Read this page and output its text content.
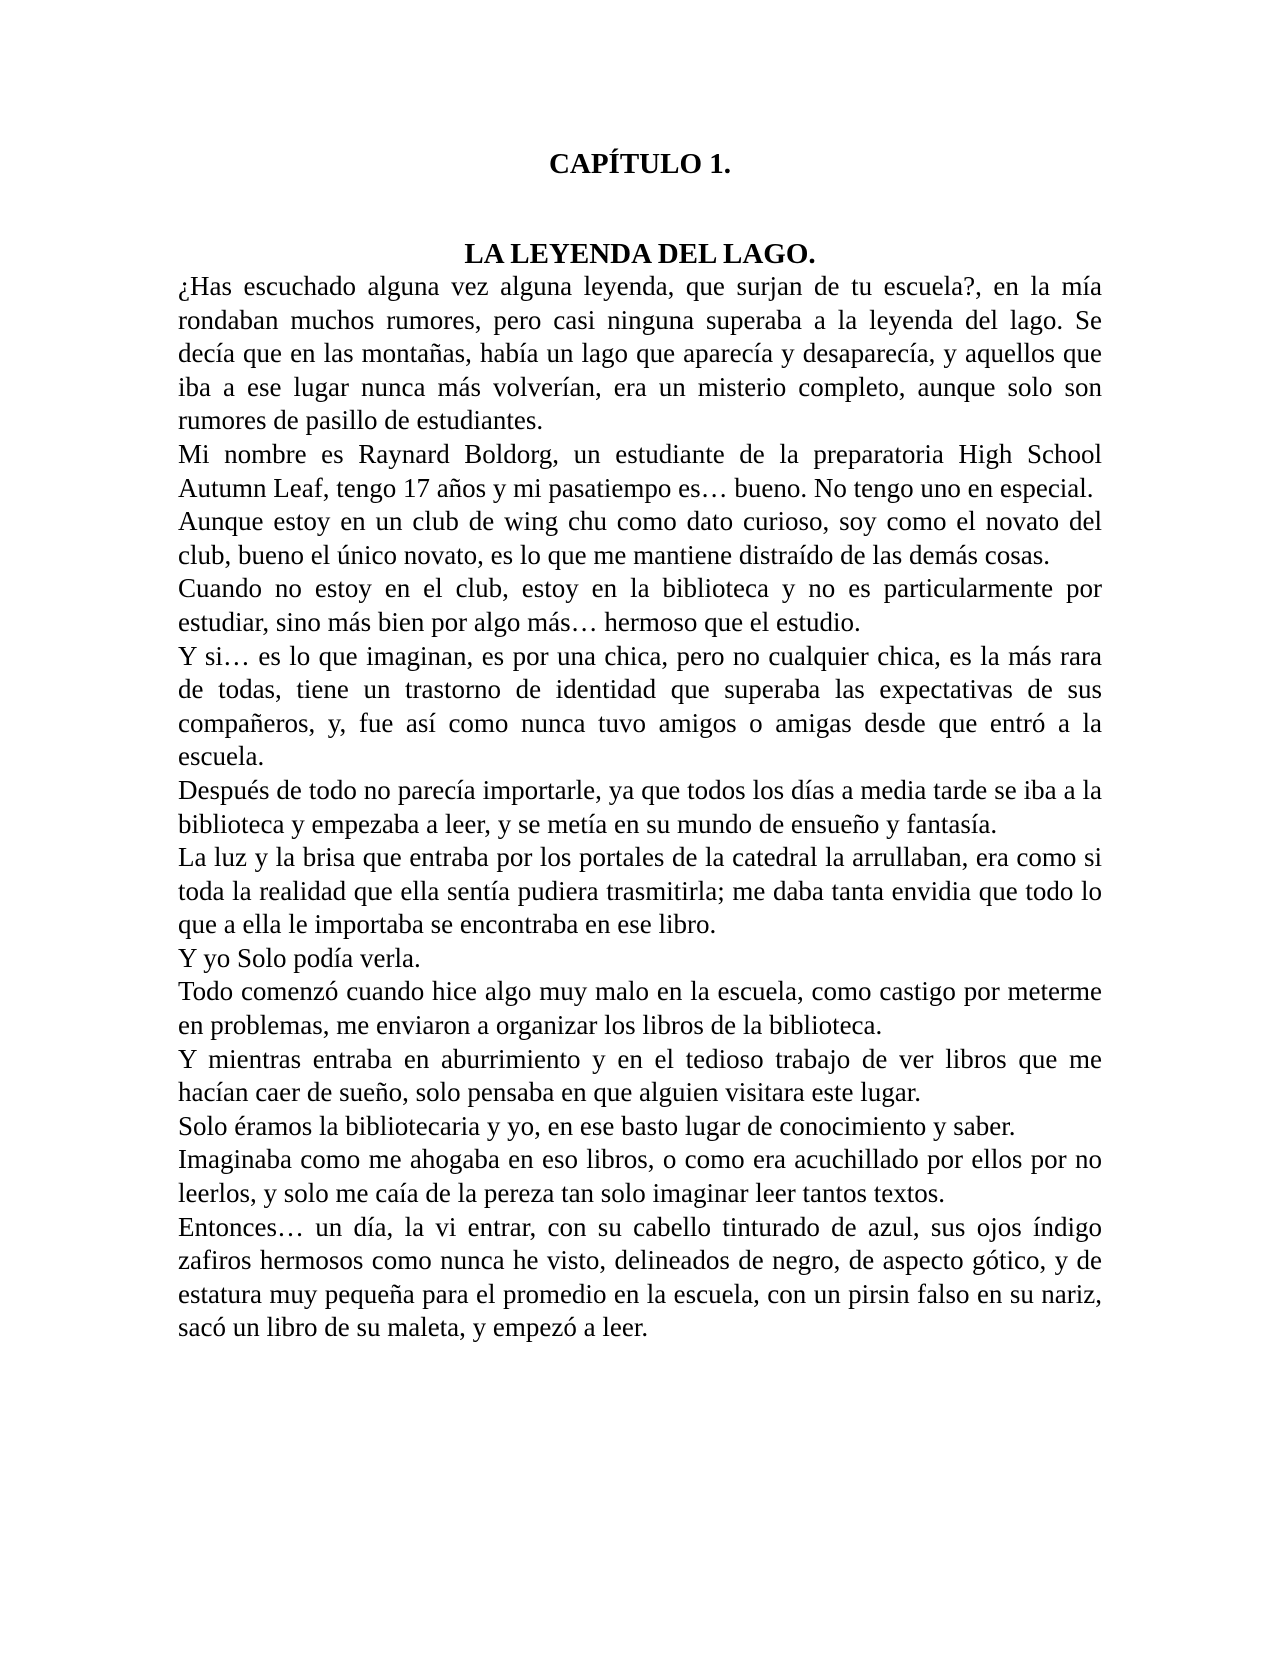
CAPÍTULO 1.
LA LEYENDA DEL LAGO.

¿Has escuchado alguna vez alguna leyenda, que surjan de tu escuela?, en la mía rondaban muchos rumores, pero casi ninguna superaba a la leyenda del lago. Se decía que en las montañas, había un lago que aparecía y desaparecía, y aquellos que iba a ese lugar nunca más volverían, era un misterio completo, aunque solo son rumores de pasillo de estudiantes.

Mi nombre es Raynard Boldorg, un estudiante de la preparatoria High School Autumn Leaf, tengo 17 años y mi pasatiempo es… bueno. No tengo uno en especial.

Aunque estoy en un club de wing chu como dato curioso, soy como el novato del club, bueno el único novato, es lo que me mantiene distraído de las demás cosas.

Cuando no estoy en el club, estoy en la biblioteca y no es particularmente por estudiar, sino más bien por algo más… hermoso que el estudio.

Y si… es lo que imaginan, es por una chica, pero no cualquier chica, es la más rara de todas, tiene un trastorno de identidad que superaba las expectativas de sus compañeros, y, fue así como nunca tuvo amigos o amigas desde que entró a la escuela.

Después de todo no parecía importarle, ya que todos los días a media tarde se iba a la biblioteca y empezaba a leer, y se metía en su mundo de ensueño y fantasía.

La luz y la brisa que entraba por los portales de la catedral la arrullaban, era como si toda la realidad que ella sentía pudiera trasmitirla; me daba tanta envidia que todo lo que a ella le importaba se encontraba en ese libro.

Y yo Solo podía verla.

Todo comenzó cuando hice algo muy malo en la escuela, como castigo por meterme en problemas, me enviaron a organizar los libros de la biblioteca.

Y mientras entraba en aburrimiento y en el tedioso trabajo de ver libros que me hacían caer de sueño, solo pensaba en que alguien visitara este lugar.

Solo éramos la bibliotecaria y yo, en ese basto lugar de conocimiento y saber.

Imaginaba como me ahogaba en eso libros, o como era acuchillado por ellos por no leerlos, y solo me caía de la pereza tan solo imaginar leer tantos textos.

Entonces… un día, la vi entrar, con su cabello tinturado de azul, sus ojos índigo zafiros hermosos como nunca he visto, delineados de negro, de aspecto gótico, y de estatura muy pequeña para el promedio en la escuela, con un pirsin falso en su nariz, sacó un libro de su maleta, y empezó a leer.
